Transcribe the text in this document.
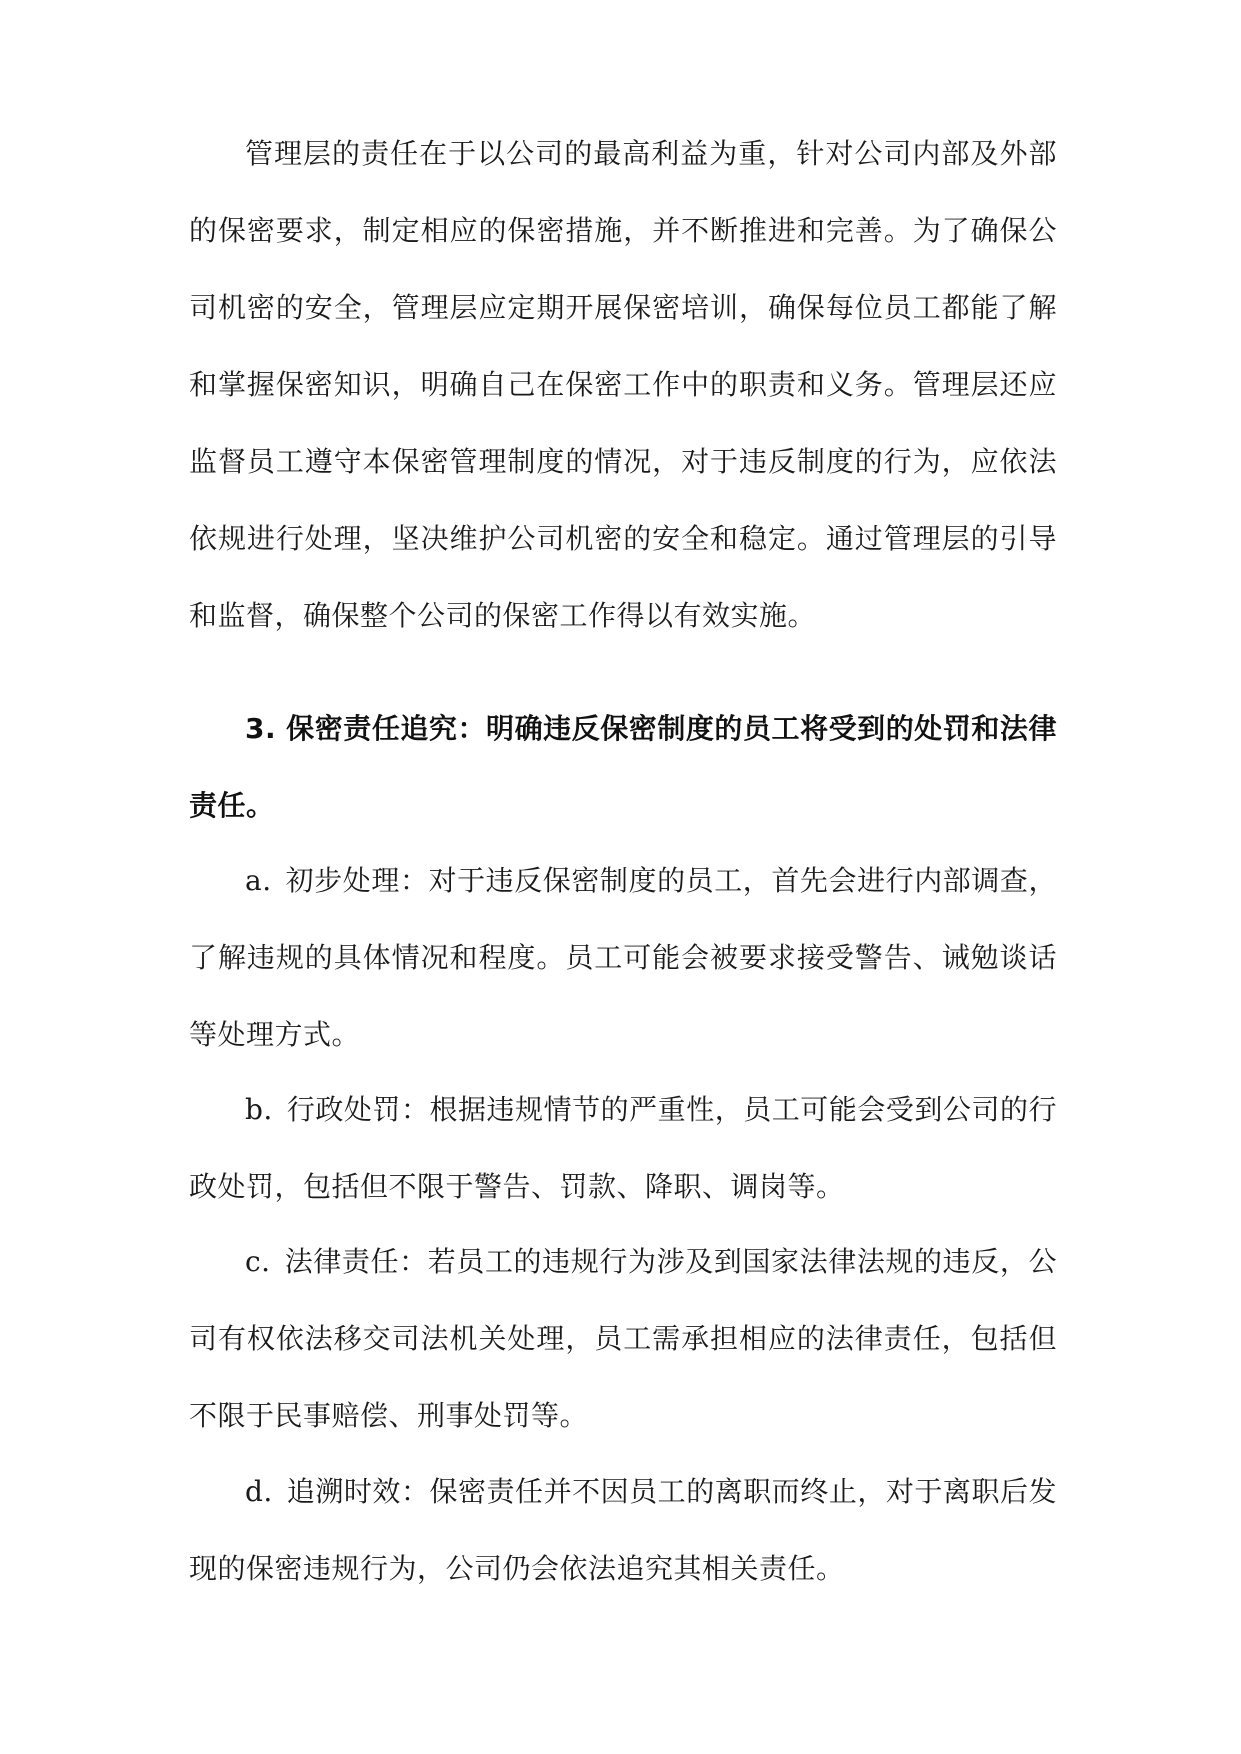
管理层的责任在于以公司的最高利益为重，针对公司内部及外部的保密要求，制定相应的保密措施，并不断推进和完善。为了确保公司机密的安全，管理层应定期开展保密培训，确保每位员工都能了解和掌握保密知识，明确自己在保密工作中的职责和义务。管理层还应监督员工遵守本保密管理制度的情况，对于违反制度的行为，应依法依规进行处理，坚决维护公司机密的安全和稳定。通过管理层的引导和监督，确保整个公司的保密工作得以有效实施。

3. 保密责任追究：明确违反保密制度的员工将受到的处罚和法律责任。

a. 初步处理：对于违反保密制度的员工，首先会进行内部调查，了解违规的具体情况和程度。员工可能会被要求接受警告、诫勉谈话等处理方式。

b. 行政处罚：根据违规情节的严重性，员工可能会受到公司的行政处罚，包括但不限于警告、罚款、降职、调岗等。

c. 法律责任：若员工的违规行为涉及到国家法律法规的违反，公司有权依法移交司法机关处理，员工需承担相应的法律责任，包括但不限于民事赔偿、刑事处罚等。

d. 追溯时效：保密责任并不因员工的离职而终止，对于离职后发现的保密违规行为，公司仍会依法追究其相关责任。
